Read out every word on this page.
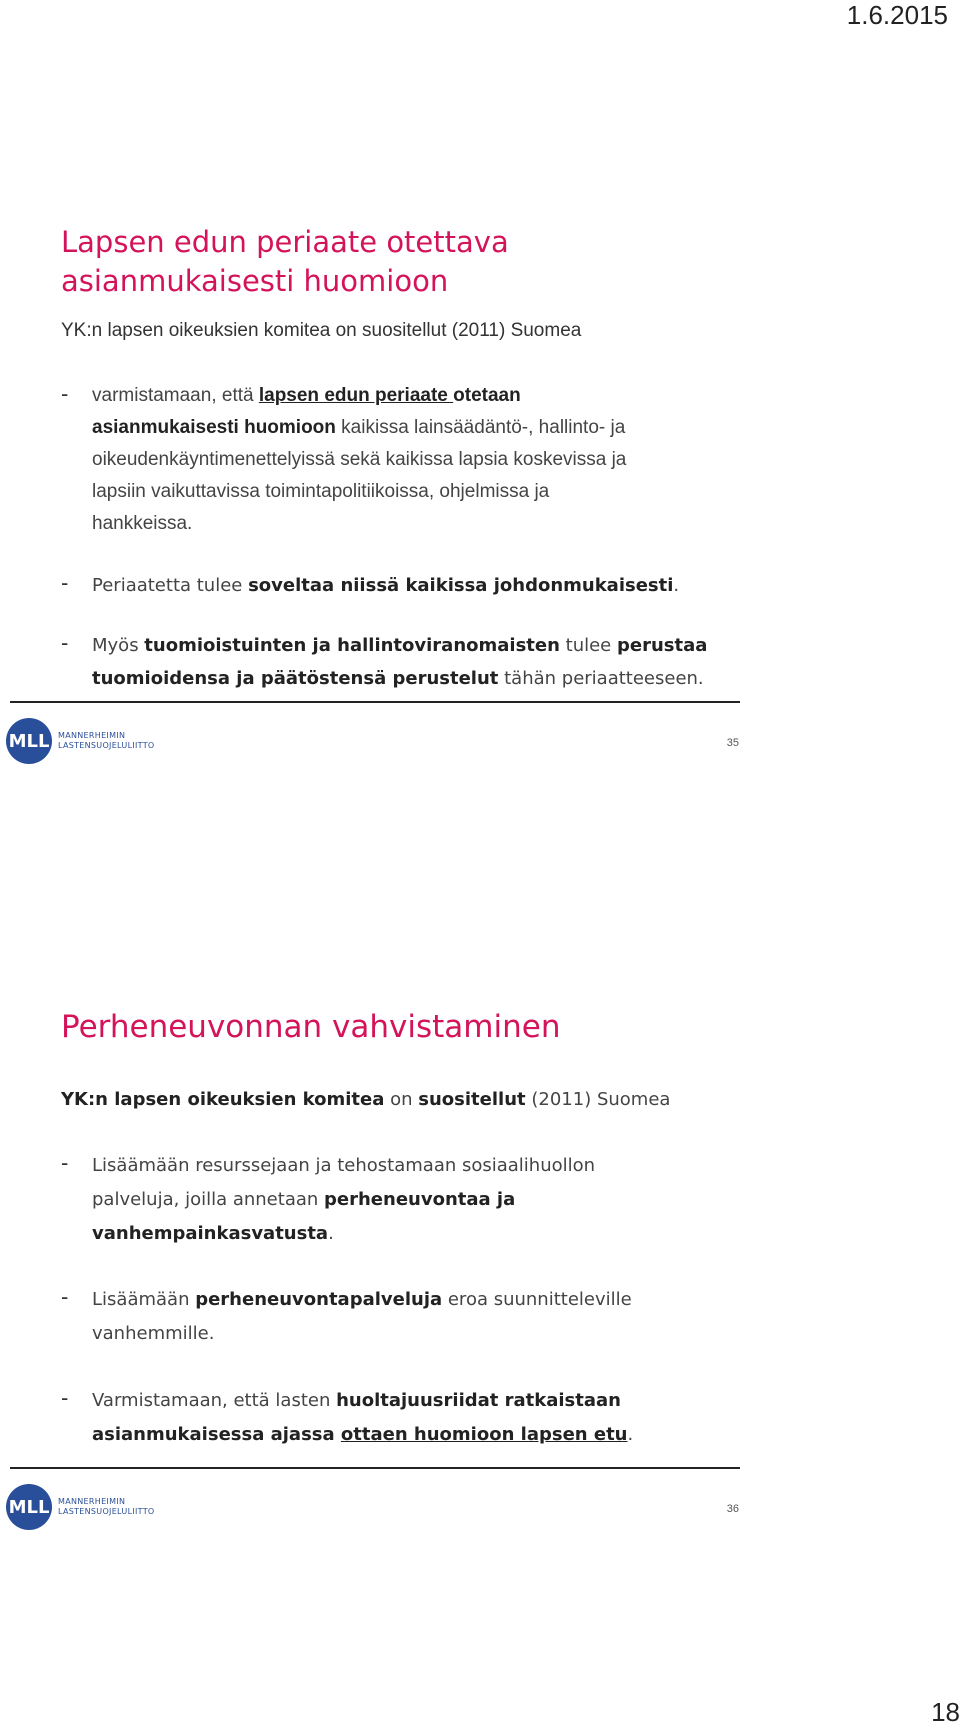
1.6.2015
Lapsen edun periaate otettava
asianmukaisesti huomioon
YK:n lapsen oikeuksien komitea on suositellut (2011) Suomea
- varmistamaan, että lapsen edun periaate otetaan
asianmukaisesti huomioon kaikissa lainsäädäntö-, hallinto- ja
oikeudenkäyntimenettelyissä sekä kaikissa lapsia koskevissa ja
lapsiin vaikuttavissa toimintapolitiikoissa, ohjelmissa ja
hankkeissa.
- Periaatetta tulee soveltaa niissä kaikissa johdonmukaisesti.
- Myös tuomioistuinten ja hallintoviranomaisten tulee perustaa
tuomioidensa ja päätöstensä perustelut tähän periaatteeseen.
MLL	MANNERHEIMIN
LASTENSUOJELULIITTO	35
Perheneuvonnan vahvistaminen
YK:n lapsen oikeuksien komitea on suositellut (2011) Suomea
- Lisäämään resurssejaan ja tehostamaan sosiaalihuollon
palveluja, joilla annetaan perheneuvontaa ja
vanhempainkasvatusta.
- Lisäämään perheneuvontapalveluja eroa suunnitteleville
vanhemmille.
- Varmistamaan, että lasten huoltajuusriidat ratkaistaan
asianmukaisessa ajassa ottaen huomioon lapsen etu.
-
MLL	MANNERHEIMIN
LASTENSUOJELULIITTO	36
18
